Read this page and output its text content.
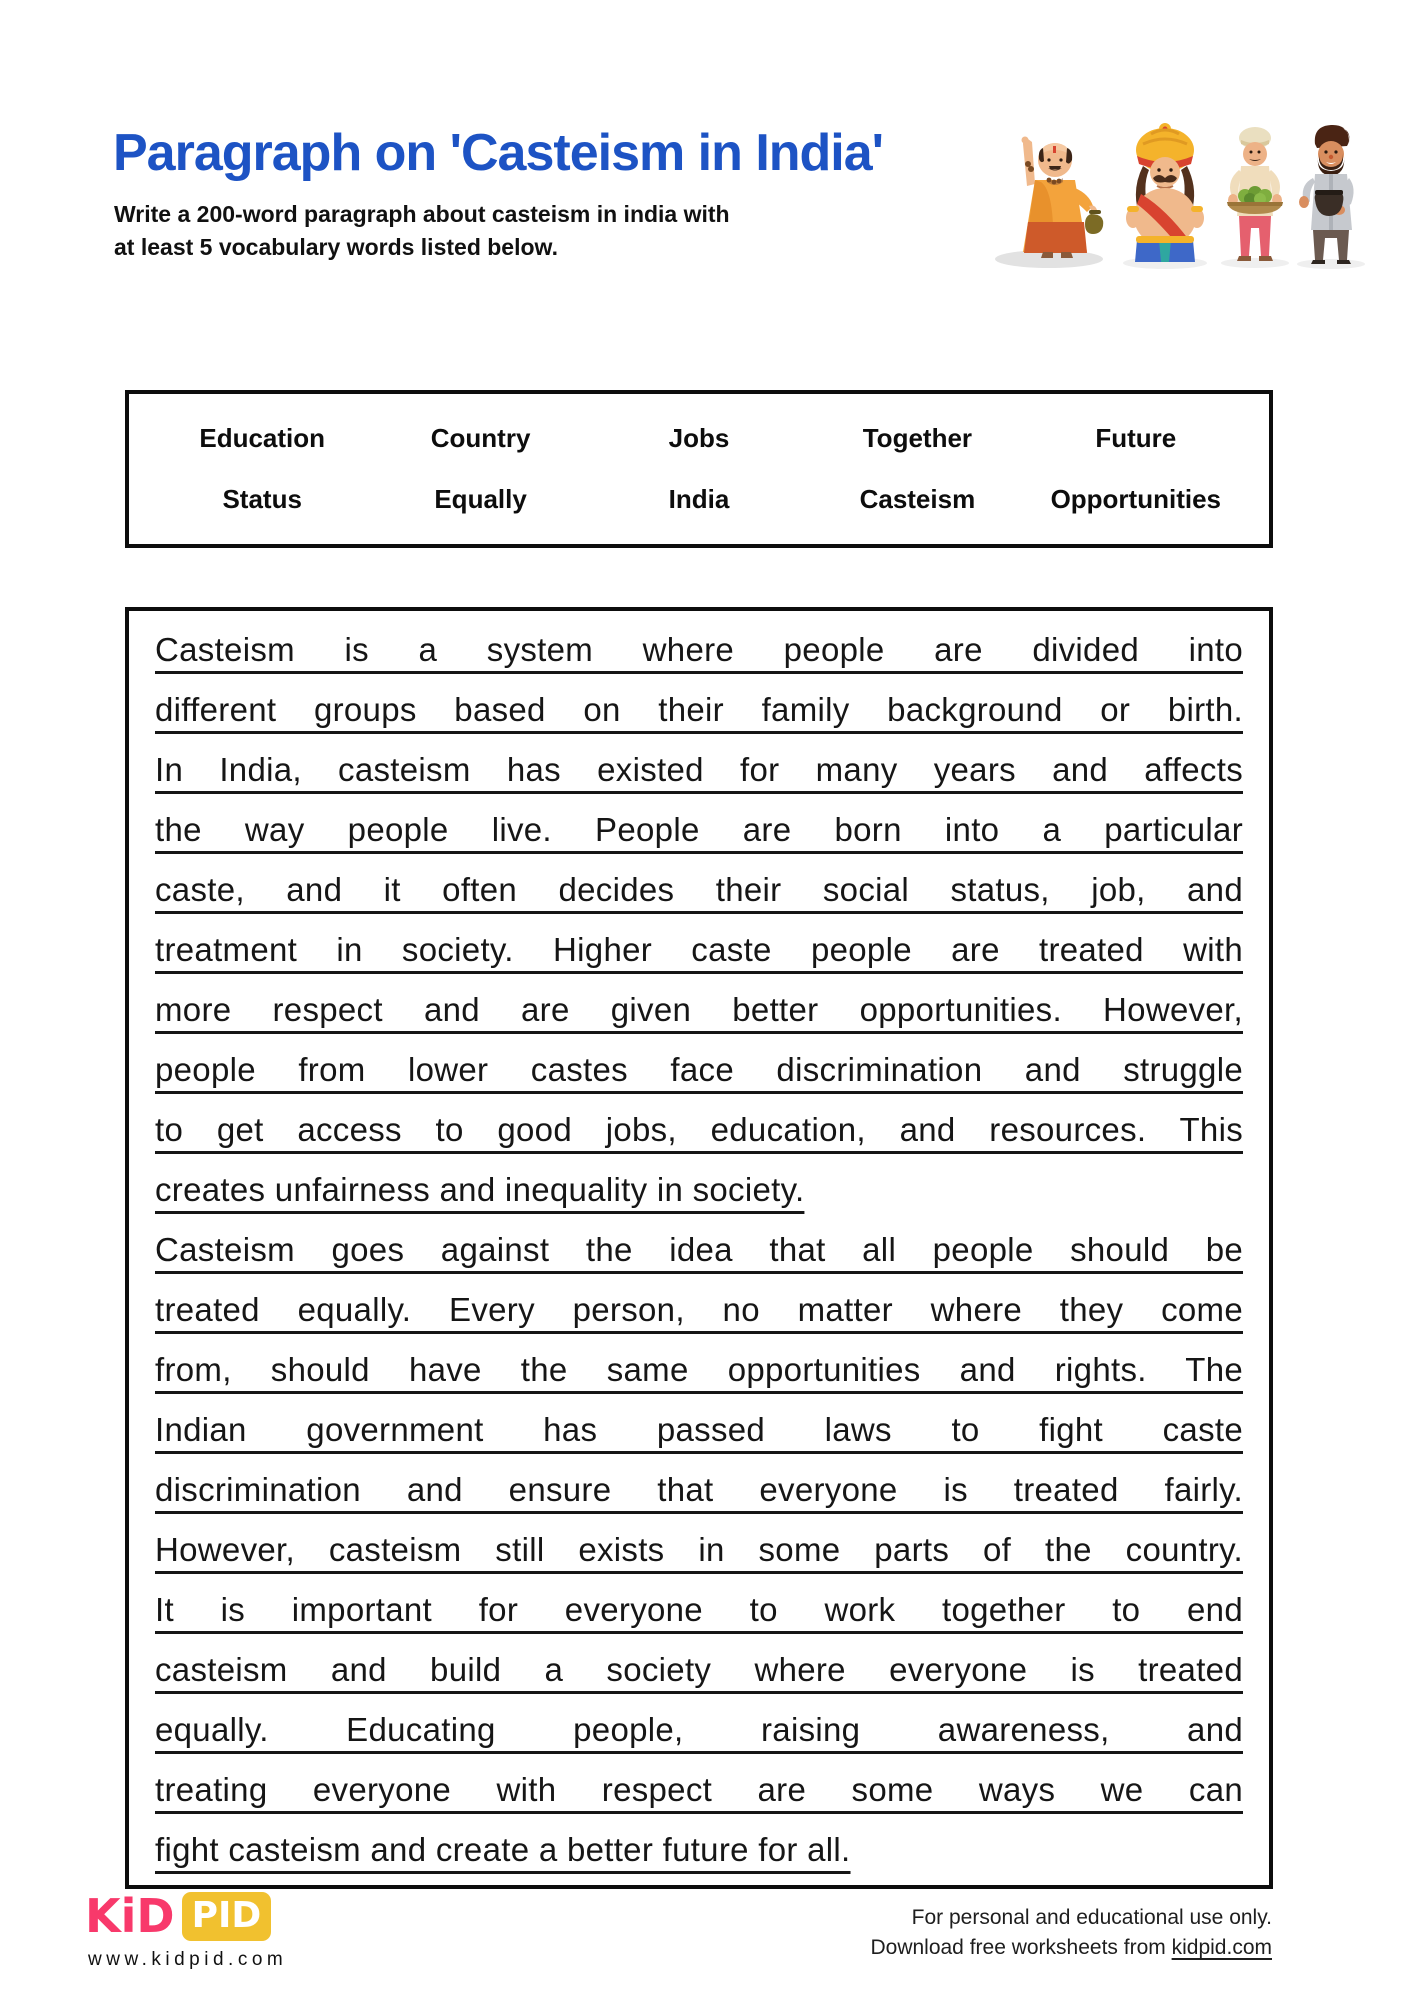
Paragraph on 'Casteism in India'
Write a 200-word paragraph about casteism in india with
at least 5 vocabulary words listed below.
Education	Country	Jobs	Together	Future
Status	Equally	India	Casteism	Opportunities
Casteism is a system where people are divided into
different groups based on their family background or birth.
In India, casteism has existed for many years and affects
the way people live. People are born into a particular
caste, and it often decides their social status, job, and
treatment in society. Higher caste people are treated with
more respect and are given better opportunities. However,
people from lower castes face discrimination and struggle
to get access to good jobs, education, and resources. This
creates unfairness and inequality in society.
Casteism goes against the idea that all people should be
treated equally. Every person, no matter where they come
from, should have the same opportunities and rights. The
Indian government has passed laws to fight caste
discrimination and ensure that everyone is treated fairly.
However, casteism still exists in some parts of the country.
It is important for everyone to work together to end
casteism and build a society where everyone is treated
equally. Educating people, raising awareness, and
treating everyone with respect are some ways we can
fight casteism and create a better future for all.
KiD PID
www.kidpid.com
For personal and educational use only.
Download free worksheets from kidpid.com
